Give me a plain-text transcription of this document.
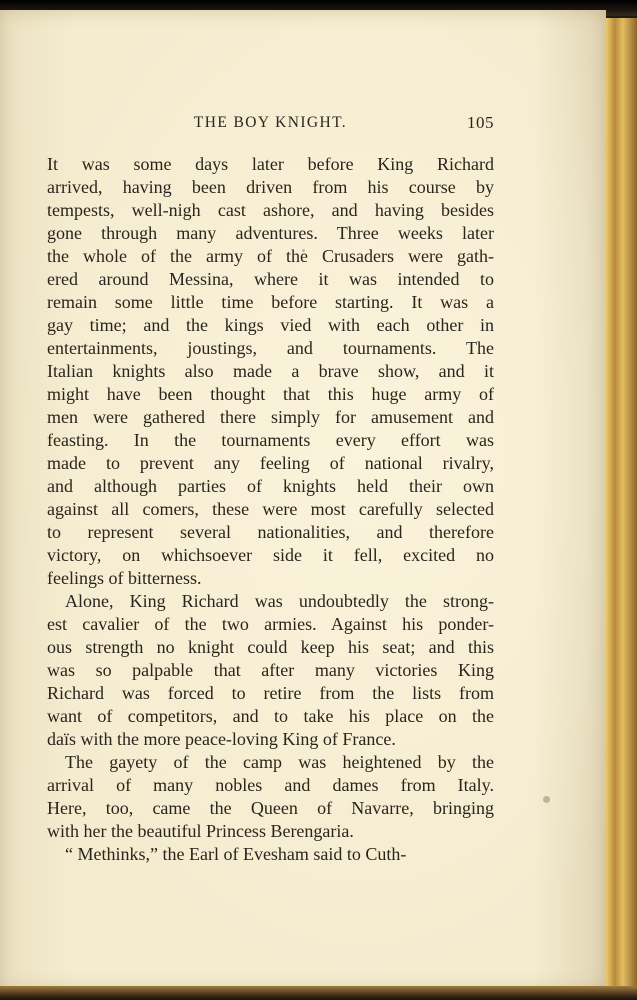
THE BOY KNIGHT.	105
It was some days later before King Richard
arrived, having been driven from his course by
tempests, well-nigh cast ashore, and having besides
gone through many adventures. Three weeks later
the whole of the army of the Crusaders were gath-
ered around Messina, where it was intended to
remain some little time before starting. It was a
gay time; and the kings vied with each other in
entertainments, joustings, and tournaments. The
Italian knights also made a brave show, and it
might have been thought that this huge army of
men were gathered there simply for amusement and
feasting. In the tournaments every effort was
made to prevent any feeling of national rivalry,
and although parties of knights held their own
against all comers, these were most carefully selected
to represent several nationalities, and therefore
victory, on whichsoever side it fell, excited no
feelings of bitterness.
Alone, King Richard was undoubtedly the strong-
est cavalier of the two armies. Against his ponder-
ous strength no knight could keep his seat; and this
was so palpable that after many victories King
Richard was forced to retire from the lists from
want of competitors, and to take his place on the
daïs with the more peace-loving King of France.
The gayety of the camp was heightened by the
arrival of many nobles and dames from Italy.
Here, too, came the Queen of Navarre, bringing
with her the beautiful Princess Berengaria.
“ Methinks,” the Earl of Evesham said to Cuth-
